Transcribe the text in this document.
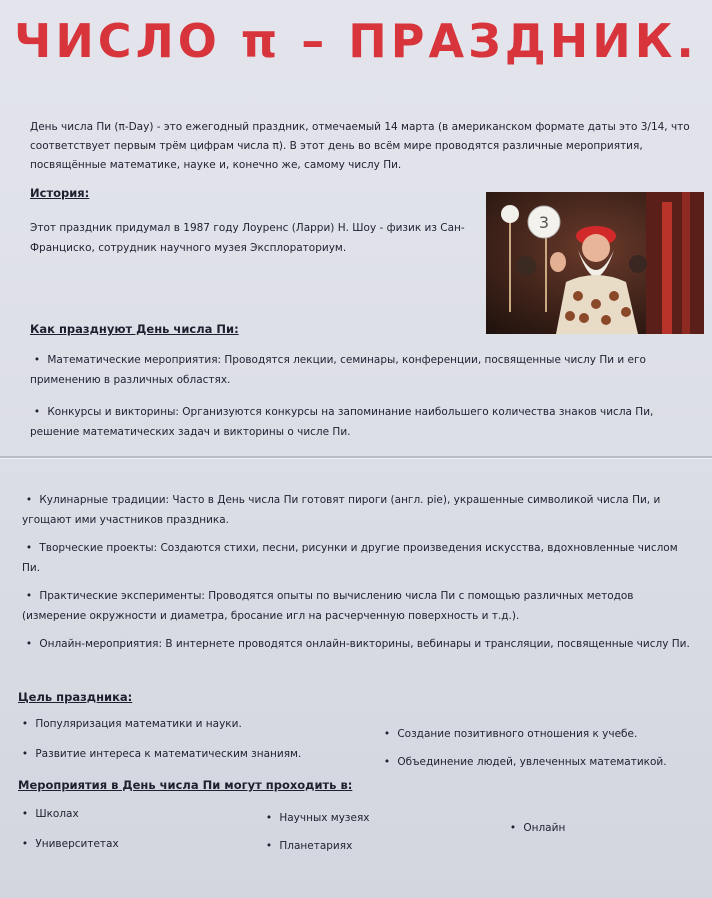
ЧИСЛО π – ПРАЗДНИК.
День числа Пи (π-Day) - это ежегодный праздник, отмечаемый 14 марта (в американском формате даты это 3/14, что соответствует первым трём цифрам числа π). В этот день во всём мире проводятся различные мероприятия, посвящённые математике, науке и, конечно же, самому числу Пи.
История:
Этот праздник придумал в 1987 году Лоуренс (Ларри) Н. Шоу - физик из Сан-Франциско, сотрудник научного музея Эксплораториум.
3
Как празднуют День числа Пи:
• Математические мероприятия: Проводятся лекции, семинары, конференции, посвященные числу Пи и его применению в различных областях.
• Конкурсы и викторины: Организуются конкурсы на запоминание наибольшего количества знаков числа Пи, решение математических задач и викторины о числе Пи.
• Кулинарные традиции: Часто в День числа Пи готовят пироги (англ. pie), украшенные символикой числа Пи, и угощают ими участников праздника.
• Творческие проекты: Создаются стихи, песни, рисунки и другие произведения искусства, вдохновленные числом Пи.
• Практические эксперименты: Проводятся опыты по вычислению числа Пи с помощью различных методов (измерение окружности и диаметра, бросание игл на расчерченную поверхность и т.д.).
• Онлайн-мероприятия: В интернете проводятся онлайн-викторины, вебинары и трансляции, посвященные числу Пи.
Цель праздника:
• Популяризация математики и науки.
• Развитие интереса к математическим знаниям.
• Создание позитивного отношения к учебе.
• Объединение людей, увлеченных математикой.
Мероприятия в День числа Пи могут проходить в:
• Школах
• Университетах
• Научных музеях
• Планетариях
• Онлайн
